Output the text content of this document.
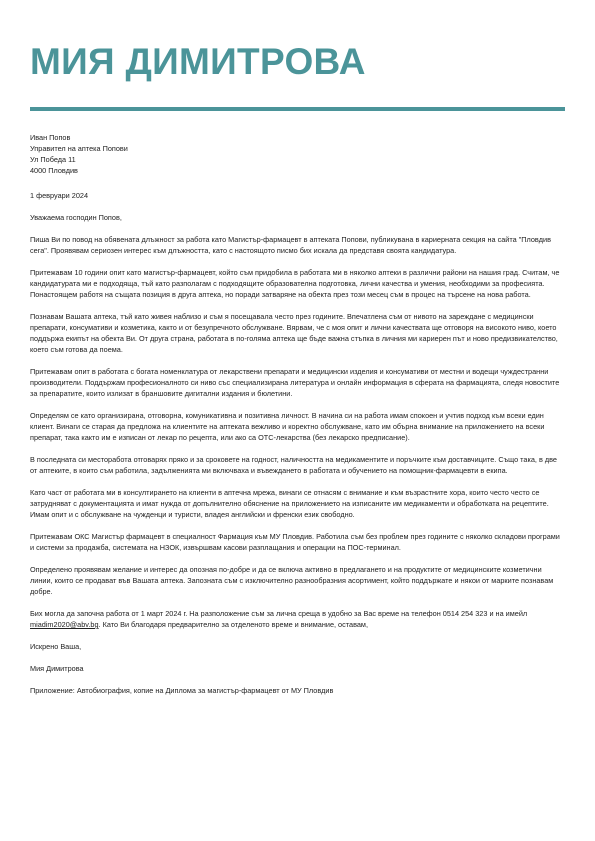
МИЯ ДИМИТРОВА

Иван Попов
Управител на аптека Попови
Ул Победа 11
4000 Пловдив

1 февруари 2024

Уважаема господин Попов,

Пиша Ви по повод на обявената длъжност за работа като Магистър-фармацевт в аптеката Попови, публикувана в кариерната секция на сайта "Пловдив сега". Проявявам сериозен интерес към длъжността, като с настоящото писмо бих искала да представя своята кандидатура.

Притежавам 10 години опит като магистър-фармацевт, който съм придобила в работата ми в няколко аптеки в различни райони на нашия град. Считам, че кандидатурата ми е подходяща, тъй като разполагам с подходящите образователна подготовка, лични качества и умения, необходими за професията. Понастоящем работя на същата позиция в друга аптека, но поради затварянe на обекта през този месец съм в процес на търсене на нова работа.

Познавам Вашата аптека, тъй като живея наблизо и съм я посещавала често през годините. Впечатлена съм от нивото на зареждане с медицински препарати, консумативи и козметика, както и от безупречното обслужване. Вярвам, че с моя опит и лични качествата ще отговоря на високото ниво, което поддържа екипът на обекта Ви. От друга страна, работата в по-голяма аптека ще бъде важна стъпка в личния ми кариерен път и ново предизвикателство, което съм готова да поема.

Притежавам опит в работата с богата номенклатура от лекарствени препарати и медицински изделия и консумативи от местни и водещи чуждестранни производители. Поддържам професионалното си ниво със специализирана литература и онлайн информация в сферата на фармацията, следя новостите за препаратите, които излизат в браншовите дигитални издания и бюлетини.

Определям се като организирана, отговорна, комуникативна и позитивна личност. В начина си на работа имам спокоен и учтив подход към всеки един клиент. Винаги се старая да предложа на клиентите на аптеката вежливо и коректно обслужване, като им обърна внимание на приложението на всеки препарат, така както им е изписан от лекар по рецепта, или ако са OTC-лекарства (без лекарско предписание).

В последната си месторабота отговарях пряко и за сроковете на годност, наличността на медикаментите и поръчките към доставчиците. Също така, в две от аптеките, в които съм работила, задълженията ми включваха и въвеждането в работата и обучението на помощник-фармацевти в екипа.

Като част от работата ми в консултирането на клиенти в аптечна мрежа, винаги се отнасям с внимание и към възрастните хора, които често често се затрудняват с документацията и имат нужда от допълнително обяснение на приложението на изписаните им медикаменти и обработката на рецептите. Имам опит и с обслужване на чужденци и туристи, владея английски и френски език свободно.

Притежавам ОКС Магистър фармацевт в специалност Фармация към МУ Пловдив. Работила съм без проблем през годините с няколко складови програми и системи за продажба, системата на НЗОК, извършвам касови разплащания и операции на ПОС-терминал.

Определено проявявам желание и интерес да опозная по-добре и да се включа активно в предлагането и на продуктите от медицинските козметични линии, които се продават във Вашата аптека. Запозната съм с изключително разнообразния асортимент, който поддържате и някои от марките познавам добре.

Бих могла да започна работа от 1 март 2024 г. На разположение съм за лична среща в удобно за Вас време на телефон 0514 254 323 и на имейл miadim2020@abv.bg. Като Ви благодаря предварително за отделеното време и внимание, оставам,

Искрено Ваша,

Мия Димитрова

Приложение: Автобиография, копие на Диплома за магистър-фармацевт от МУ Пловдив
